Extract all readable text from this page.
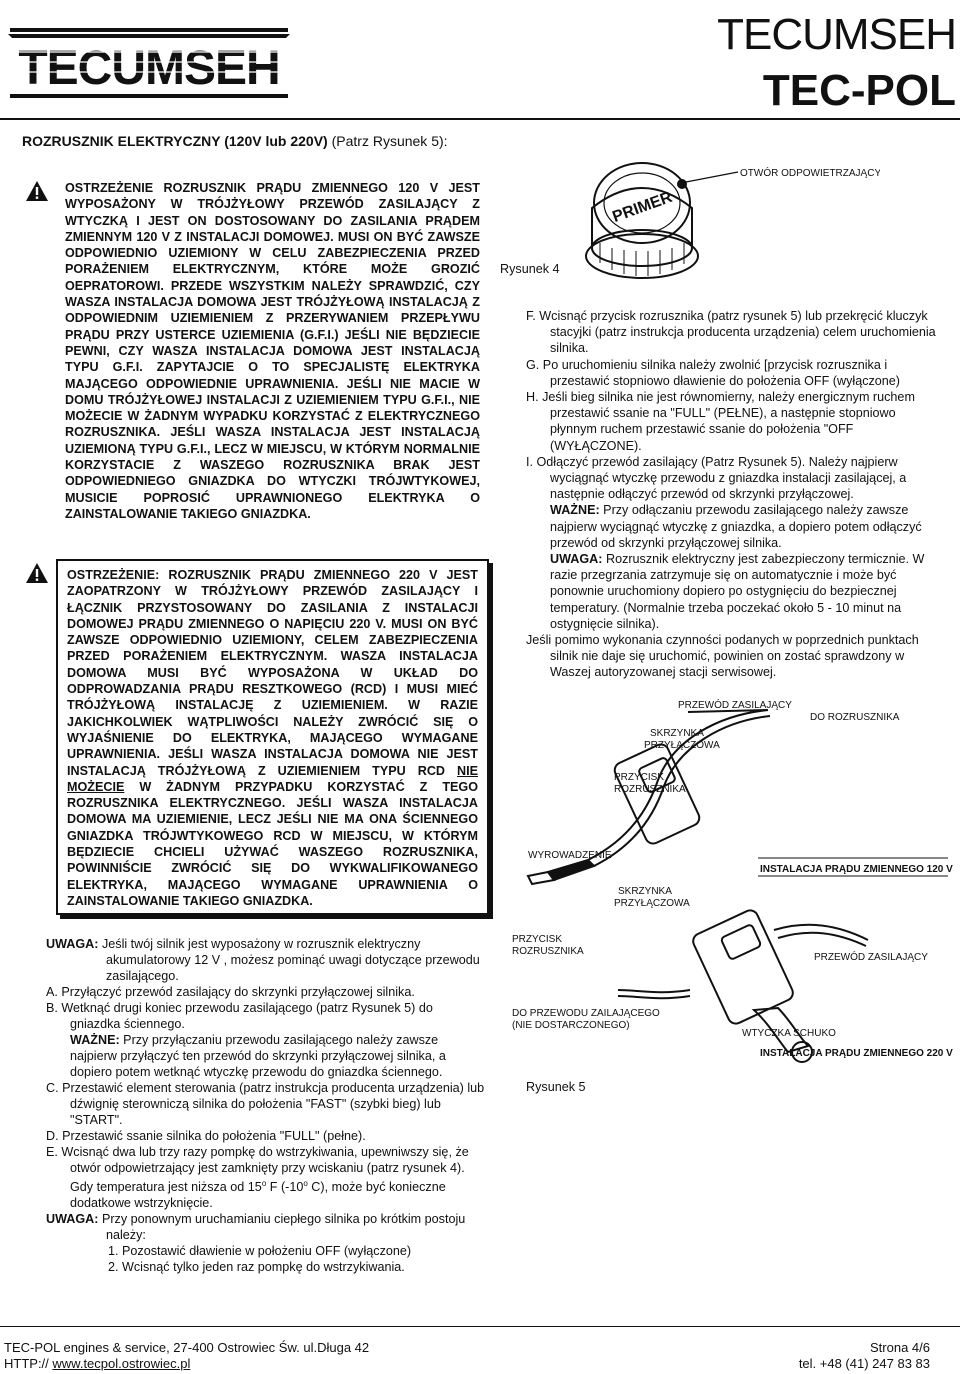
TECUMSEH
TECUMSEH
TEC-POL
ROZRUSZNIK ELEKTRYCZNY (120V lub 220V) (Patrz Rysunek 5):
OSTRZEŻENIE ROZRUSZNIK PRĄDU ZMIENNEGO 120 V JEST WYPOSAŻONY W TRÓJŻYŁOWY PRZEWÓD ZASILAJĄCY Z WTYCZKĄ I JEST ON DOSTOSOWANY DO ZASILANIA PRĄDEM ZMIENNYM 120 V Z INSTALACJI DOMOWEJ. MUSI ON BYĆ ZAWSZE ODPOWIEDNIO UZIEMIONY W CELU ZABEZPIECZENIA PRZED PORAŻENIEM ELEKTRYCZNYM, KTÓRE MOŻE GROZIĆ OEPRATOROWI. PRZEDE WSZYSTKIM NALEŻY SPRAWDZIĆ, CZY WASZA INSTALACJA DOMOWA JEST TRÓJŻYŁOWĄ INSTALACJĄ Z ODPOWIEDNIM UZIEMIENIEM Z PRZERYWANIEM PRZEPŁYWU PRĄDU PRZY USTERCE UZIEMIENIA (G.F.I.) JEŚLI NIE BĘDZIECIE PEWNI, CZY WASZA INSTALACJA DOMOWA JEST INSTALACJĄ TYPU G.F.I. ZAPYTAJCIE O TO SPECJALISTĘ ELEKTRYKA MAJĄCEGO ODPOWIEDNIE UPRAWNIENIA. JEŚLI NIE MACIE W DOMU TRÓJŻYŁOWEJ INSTALACJI Z UZIEMIENIEM TYPU G.F.I., NIE MOŻECIE W ŻADNYM WYPADKU KORZYSTAĆ Z ELEKTRYCZNEGO ROZRUSZNIKA. JEŚLI WASZA INSTALACJA JEST INSTALACJĄ UZIEMIONĄ TYPU G.F.I., LECZ W MIEJSCU, W KTÓRYM NORMALNIE KORZYSTACIE Z WASZEGO ROZRUSZNIKA BRAK JEST ODPOWIEDNIEGO GNIAZDKA DO WTYCZKI TRÓJWTYKOWEJ, MUSICIE POPROSIĆ UPRAWNIONEGO ELEKTRYKA O ZAINSTALOWANIE TAKIEGO GNIAZDKA.
OSTRZEŻENIE: ROZRUSZNIK PRĄDU ZMIENNEGO 220 V JEST ZAOPATRZONY W TRÓJŻYŁOWY PRZEWÓD ZASILAJĄCY I ŁĄCZNIK PRZYSTOSOWANY DO ZASILANIA Z INSTALACJI DOMOWEJ PRĄDU ZMIENNEGO O NAPIĘCIU 220 V. MUSI ON BYĆ ZAWSZE ODPOWIEDNIO UZIEMIONY, CELEM ZABEZPIECZENIA PRZED PORAŻENIEM ELEKTRYCZNYM. WASZA INSTALACJA DOMOWA MUSI BYĆ WYPOSAŻONA W UKŁAD DO ODPROWADZANIA PRĄDU RESZTKOWEGO (RCD) I MUSI MIEĆ TRÓJŻYŁOWĄ INSTALACJĘ Z UZIEMIENIEM. W RAZIE JAKICHKOLWIEK WĄTPLIWOŚCI NALEŻY ZWRÓCIĆ SIĘ O WYJAŚNIENIE DO ELEKTRYKA, MAJĄCEGO WYMAGANE UPRAWNIENIA. JEŚLI WASZA INSTALACJA DOMOWA NIE JEST INSTALACJĄ TRÓJŻYŁOWĄ Z UZIEMIENIEM TYPU RCD NIE MOŻECIE W ŻADNYM PRZYPADKU KORZYSTAĆ Z TEGO ROZRUSZNIKA ELEKTRYCZNEGO. JEŚLI WASZA INSTALACJA DOMOWA MA UZIEMIENIE, LECZ JEŚLI NIE MA ONA ŚCIENNEGO GNIAZDKA TRÓJWTYKOWEGO RCD W MIEJSCU, W KTÓRYM BĘDZIECIE CHCIELI UŻYWAĆ WASZEGO ROZRUSZNIKA, POWINNIŚCIE ZWRÓCIĆ SIĘ DO WYKWALIFIKOWANEGO ELEKTRYKA, MAJĄCEGO WYMAGANE UPRAWNIENIA O ZAINSTALOWANIE TAKIEGO GNIAZDKA.

UWAGA: Jeśli twój silnik jest wyposażony w rozrusznik elektryczny akumulatorowy 12 V , możesz pominąć uwagi dotyczące przewodu zasilającego.

A. Przyłączyć przewód zasilający do skrzynki przyłączowej silnika.

B. Wetknąć drugi koniec przewodu zasilającego (patrz Rysunek 5) do gniazdka ściennego.

WAŻNE: Przy przyłączaniu przewodu zasilającego należy zawsze najpierw przyłączyć ten przewód do skrzynki przyłączowej silnika, a dopiero potem wetknąć wtyczkę przewodu do gniazdka ściennego.

C. Przestawić element sterowania (patrz instrukcja producenta urządzenia) lub dźwignię sterowniczą silnika do położenia "FAST" (szybki bieg) lub "START".

D. Przestawić ssanie silnika do położenia "FULL" (pełne).

E. Wcisnąć dwa lub trzy razy pompkę do wstrzykiwania, upewniwszy się, że otwór odpowietrzający jest zamknięty przy wciskaniu (patrz rysunek 4). Gdy temperatura jest niższa od 15$^o$ F (-10$^o$ C), może być konieczne dodatkowe wstrzyknięcie.

UWAGA: Przy ponownym uruchamianiu ciepłego silnika po krótkim postoju należy:

1. Pozostawić dławienie w położeniu OFF (wyłączone)

2. Wcisnąć tylko jeden raz pompkę do wstrzykiwania.

PRIMER
OTWÓR ODPOWIETRZAJĄCY
Rysunek 4

F. Wcisnąć przycisk rozrusznika (patrz rysunek 5) lub przekręcić kluczyk stacyjki (patrz instrukcja producenta urządzenia) celem uruchomienia silnika.

G. Po uruchomieniu silnika należy zwolnić [przycisk rozrusznika i przestawić stopniowo dławienie do położenia OFF (wyłączone)

H. Jeśli bieg silnika nie jest równomierny, należy energicznym ruchem przestawić ssanie na "FULL" (PEŁNE), a następnie stopniowo płynnym ruchem przestawić ssanie do położenia "OFF (WYŁĄCZONE).

I. Odłączyć przewód zasilający (Patrz Rysunek 5). Należy najpierw wyciągnąć wtyczkę przewodu z gniazdka instalacji zasilającej, a następnie odłączyć przewód od skrzynki przyłączowej.

WAŻNE: Przy odłączaniu przewodu zasilającego należy zawsze najpierw wyciągnąć wtyczkę z gniazdka, a dopiero potem odłączyć przewód od skrzynki przyłączowej silnika.

UWAGA: Rozrusznik elektryczny jest zabezpieczony termicznie. W razie przegrzania zatrzymuje się on automatycznie i może być ponownie uruchomiony dopiero po ostygnięciu do bezpiecznej temperatury. (Normalnie trzeba poczekać około 5 - 10 minut na ostygnięcie silnika).

Jeśli pomimo wykonania czynności podanych w poprzednich punktach silnik nie daje się uruchomić, powinien on zostać sprawdzony w Waszej autoryzowanej stacji serwisowej.

PRZEWÓD ZASILAJĄCY
DO ROZRUSZNIKA
SKRZYNKA
PRZYŁĄCZOWA
PRZYCISK
ROZRUSZNIKA
WYROWADZENIE
INSTALACJA PRĄDU ZMIENNEGO 120 V
SKRZYNKA
PRZYŁĄCZOWA
PRZYCISK
ROZRUSZNIKA
PRZEWÓD ZASILAJĄCY
DO PRZEWODU ZAILAJĄCEGO
(NIE DOSTARCZONEGO)
WTYCZKA SCHUKO
INSTALACJA PRĄDU ZMIENNEGO 220 V
Rysunek 5
TEC-POL engines & service, 27-400 Ostrowiec Św. ul.Długa 42
HTTP:// www.tecpol.ostrowiec.pl
Strona 4/6
tel. +48 (41) 247 83 83
